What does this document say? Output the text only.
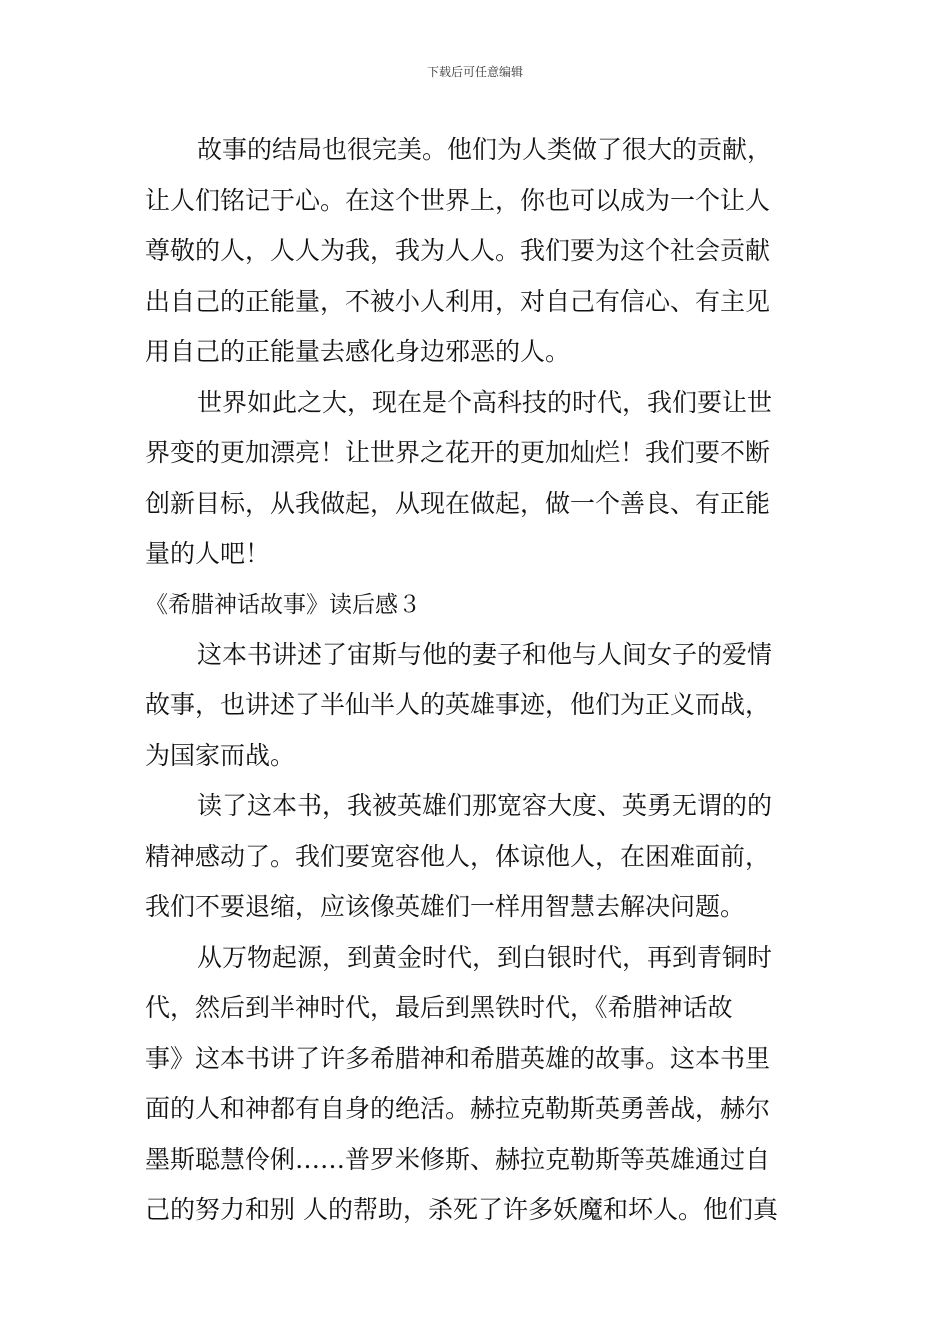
下载后可任意编辑
故事的结局也很完美。他们为人类做了很大的贡献，
让人们铭记于心。在这个世界上，你也可以成为一个让人
尊敬的人，人人为我，我为人人。我们要为这个社会贡献
出自己的正能量，不被小人利用，对自己有信心、有主见
用自己的正能量去感化身边邪恶的人。
世界如此之大，现在是个高科技的时代，我们要让世
界变的更加漂亮！让世界之花开的更加灿烂！我们要不断
创新目标，从我做起，从现在做起，做一个善良、有正能
量的人吧！
《希腊神话故事》读后感３
这本书讲述了宙斯与他的妻子和他与人间女子的爱情
故事，也讲述了半仙半人的英雄事迹，他们为正义而战，
为国家而战。
读了这本书，我被英雄们那宽容大度、英勇无谓的的
精神感动了。我们要宽容他人，体谅他人，在困难面前，
我们不要退缩，应该像英雄们一样用智慧去解决问题。
从万物起源，到黄金时代，到白银时代，再到青铜时
代，然后到半神时代，最后到黑铁时代，《希腊神话故
事》这本书讲了许多希腊神和希腊英雄的故事。这本书里
面的人和神都有自身的绝活。赫拉克勒斯英勇善战，赫尔
墨斯聪慧伶俐……普罗米修斯、赫拉克勒斯等英雄通过自
己的努力和别 人的帮助，杀死了许多妖魔和坏人。他们真
